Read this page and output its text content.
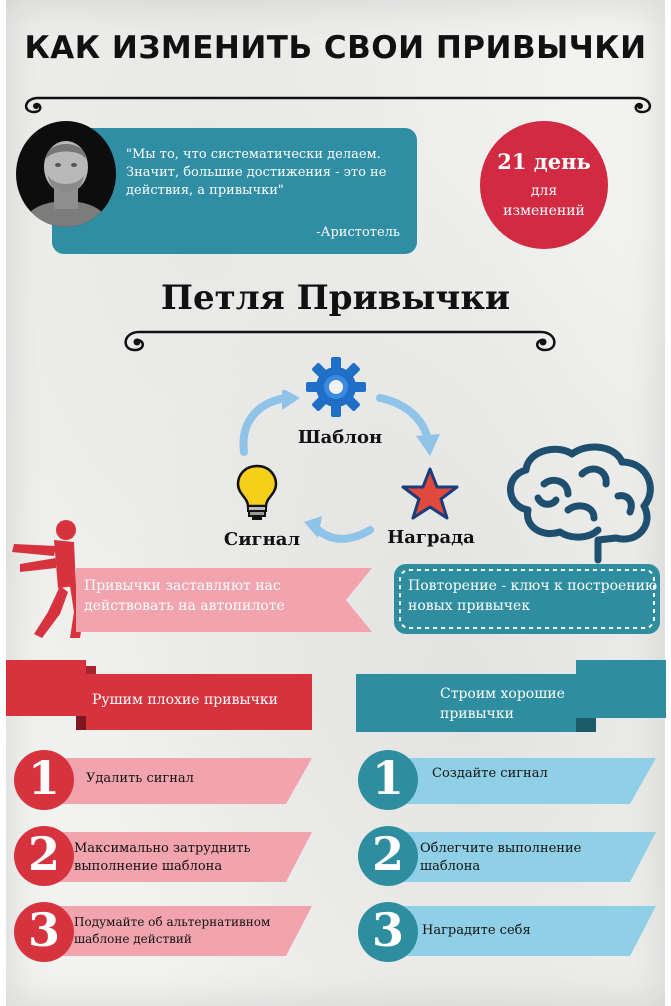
КАК ИЗМЕНИТЬ СВОИ ПРИВЫЧКИ
"Мы то, что систематически делаем. Значит, большие достижения - это не действия, а привычки"
-Аристотель
21 день
для
изменений
Петля Привычки
Шаблон
Сигнал	Награда
Привычки заставляют нас действовать на автопилоте
Повторение - ключ к построению новых привычек
Рушим плохие привычки	Строим хорошие привычки
1	Удалить сигнал
2	Максимально затруднить выполнение шаблона
3	Подумайте об альтернативном шаблоне действий
1	Создайте сигнал
2	Облегчите выполнение шаблона
3	Наградите себя
